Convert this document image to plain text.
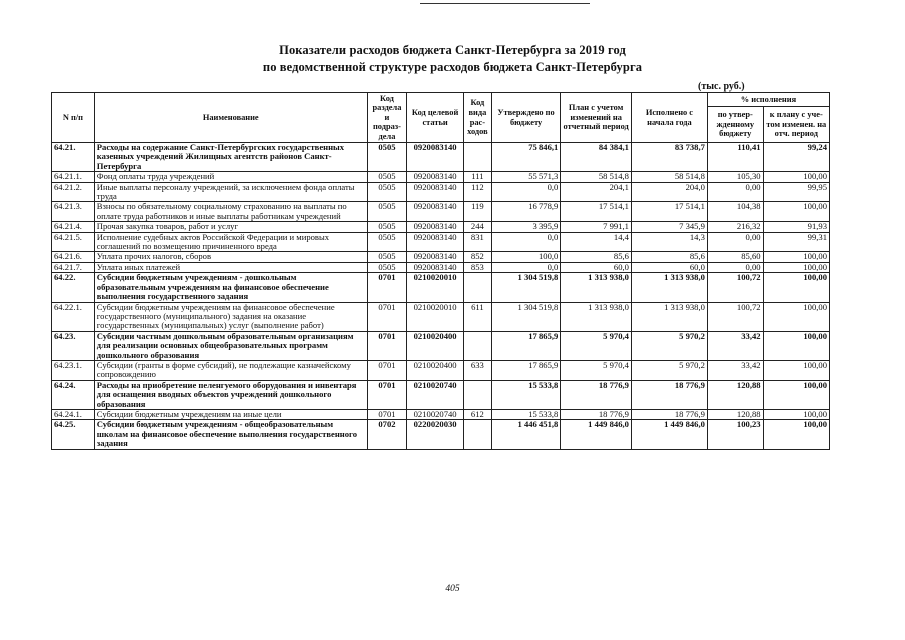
Показатели расходов бюджета Санкт-Петербурга за 2019 год
по ведомственной структуре расходов бюджета Санкт-Петербурга
(тыс. руб.)
N п/п	Наименование	Код раздела и подраз-дела	Код целевой статьи	Код вида рас-ходов	Утверждено по бюджету	План с учетом изменений на отчетный период	Исполнено с начала года	% исполнения	
								по утвер-жденному бюджету	к плану с уче-том изменен. на отч. период
64.21.	Расходы на содержание Санкт-Петербургских государственных казенных учреждений Жилищных агентств районов Санкт-Петербурга	0505	0920083140		75 846,1	84 384,1	83 738,7	110,41	99,24
64.21.1.	Фонд оплаты труда учреждений	0505	0920083140	111	55 571,3	58 514,8	58 514,8	105,30	100,00
64.21.2.	Иные выплаты персоналу учреждений, за исключением фонда оплаты труда	0505	0920083140	112	0,0	204,1	204,0	0,00	99,95
64.21.3.	Взносы по обязательному социальному страхованию на выплаты по оплате труда работников и иные выплаты работникам учреждений	0505	0920083140	119	16 778,9	17 514,1	17 514,1	104,38	100,00
64.21.4.	Прочая закупка товаров, работ и услуг	0505	0920083140	244	3 395,9	7 991,1	7 345,9	216,32	91,93
64.21.5.	Исполнение судебных актов Российской Федерации и мировых соглашений по возмещению причиненного вреда	0505	0920083140	831	0,0	14,4	14,3	0,00	99,31
64.21.6.	Уплата прочих налогов, сборов	0505	0920083140	852	100,0	85,6	85,6	85,60	100,00
64.21.7.	Уплата иных платежей	0505	0920083140	853	0,0	60,0	60,0	0,00	100,00
64.22.	Субсидии бюджетным учреждениям - дошкольным образовательным учреждениям на финансовое обеспечение выполнения государственного задания	0701	0210020010		1 304 519,8	1 313 938,0	1 313 938,0	100,72	100,00
64.22.1.	Субсидии бюджетным учреждениям на финансовое обеспечение государственного (муниципального) задания на оказание государственных (муниципальных) услуг (выполнение работ)	0701	0210020010	611	1 304 519,8	1 313 938,0	1 313 938,0	100,72	100,00
64.23.	Субсидии частным дошкольным образовательным организациям для реализации основных общеобразовательных программ дошкольного образования	0701	0210020400		17 865,9	5 970,4	5 970,2	33,42	100,00
64.23.1.	Субсидии (гранты в форме субсидий), не подлежащие казначейскому сопровождению	0701	0210020400	633	17 865,9	5 970,4	5 970,2	33,42	100,00
64.24.	Расходы на приобретение пеленгуемого оборудования и инвентаря для оснащения вводных объектов учреждений дошкольного образования	0701	0210020740		15 533,8	18 776,9	18 776,9	120,88	100,00
64.24.1.	Субсидии бюджетным учреждениям на иные цели	0701	0210020740	612	15 533,8	18 776,9	18 776,9	120,88	100,00
64.25.	Субсидии бюджетным учреждениям - общеобразовательным школам на финансовое обеспечение выполнения государственного задания	0702	0220020030		1 446 451,8	1 449 846,0	1 449 846,0	100,23	100,00
405
